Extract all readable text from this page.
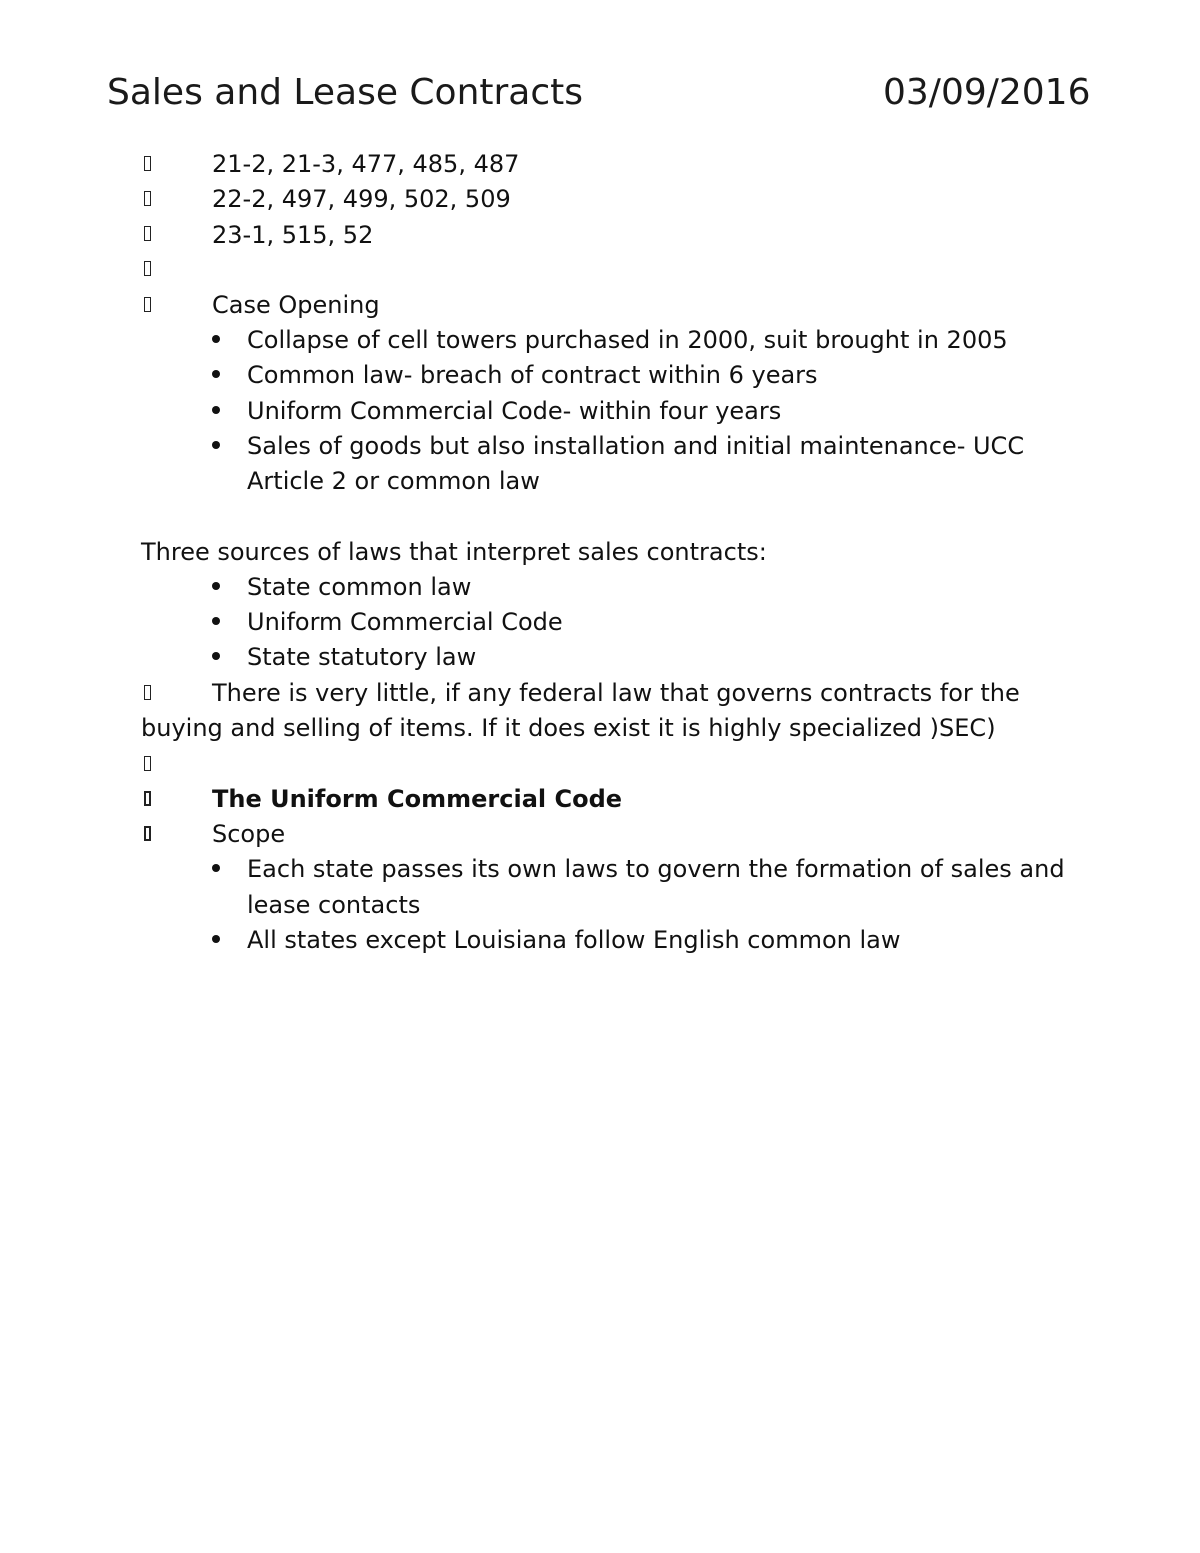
Sales and Lease Contracts	03/09/2016
21-2, 21-3, 477, 485, 487
22-2, 497, 499, 502, 509
23-1, 515, 52
Case Opening
Collapse of cell towers purchased in 2000, suit brought in 2005
Common law- breach of contract within 6 years
Uniform Commercial Code- within four years
Sales of goods but also installation and initial maintenance- UCC
Article 2 or common law
Three sources of laws that interpret sales contracts:
State common law
Uniform Commercial Code
State statutory law
There is very little, if any federal law that governs contracts for the
buying and selling of items. If it does exist it is highly specialized )SEC)
The Uniform Commercial Code
Scope
Each state passes its own laws to govern the formation of sales and
lease contacts
All states except Louisiana follow English common law
